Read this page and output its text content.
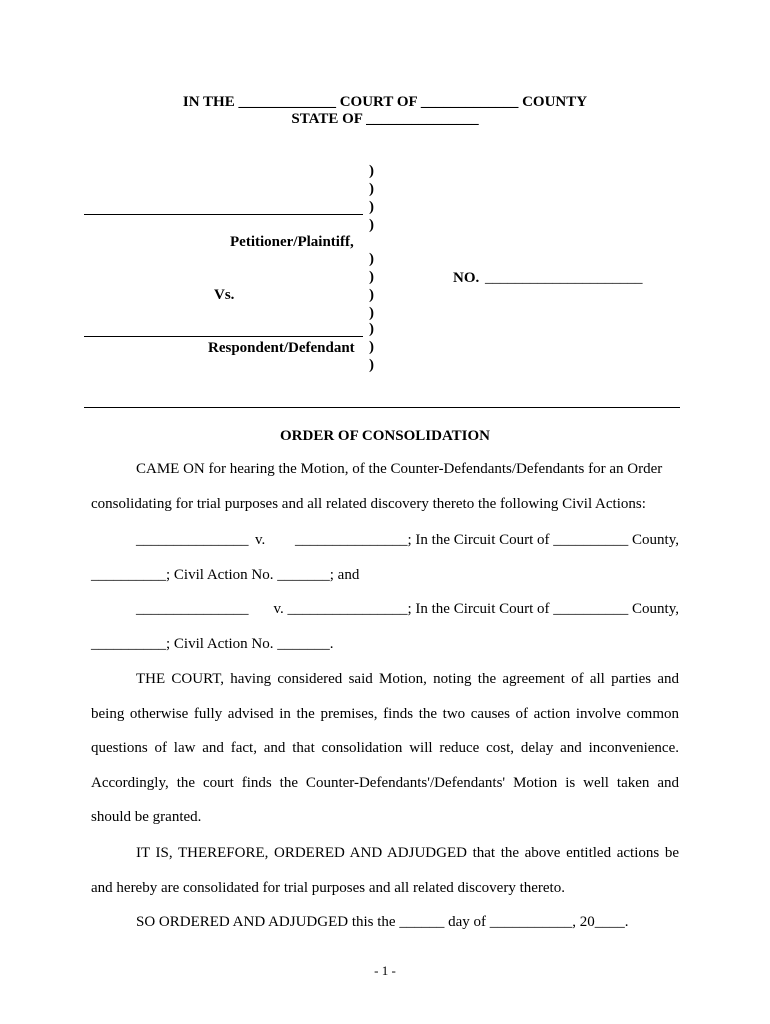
IN THE _____________ COURT OF _____________ COUNTY
STATE OF _______________
)
)
)
)
)
)
)
)
)
)
)
Petitioner/Plaintiff,
Vs.
Respondent/Defendant
NO. _____________________
ORDER OF CONSOLIDATION
CAME ON for hearing the Motion, of the Counter-Defendants/Defendants for an Order
consolidating for trial purposes and all related discovery thereto the following Civil Actions:
_______________ v.	_______________; In the Circuit Court of __________ County,
__________; Civil Action No. _______; and
_______________	v. ________________; In the Circuit Court of __________ County,
__________; Civil Action No. _______.
THE COURT, having considered said Motion, noting the agreement of all parties and being otherwise fully advised in the premises, finds the two causes of action involve common questions of law and fact, and that consolidation will reduce cost, delay and inconvenience. Accordingly, the court finds the Counter-Defendants'/Defendants' Motion is well taken and should be granted.
IT IS, THEREFORE, ORDERED AND ADJUDGED that the above entitled actions be and hereby are consolidated for trial purposes and all related discovery thereto.
SO ORDERED AND ADJUDGED this the ______ day of ___________, 20____.
- 1 -
